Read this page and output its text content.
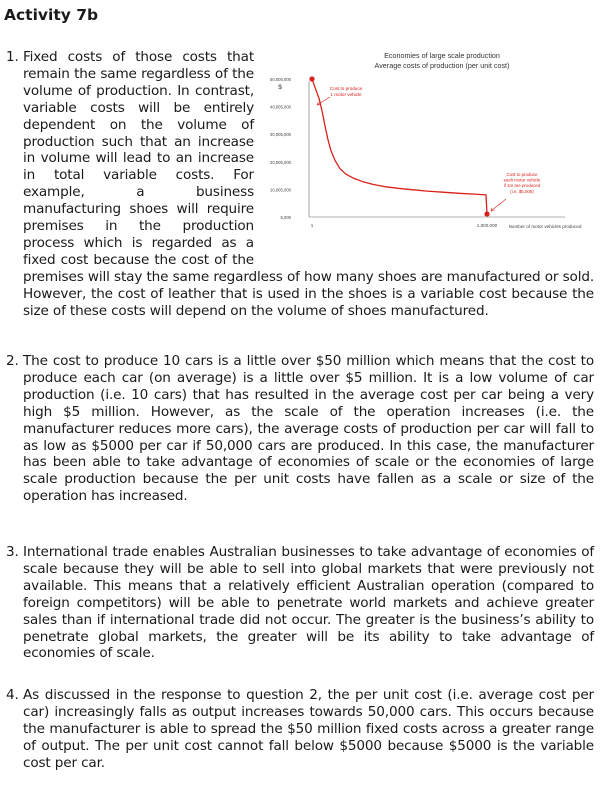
Activity 7b
Economies of large scale production
Average costs of production (per unit cost)
$
50,005,000
40,005,000
30,005,000
20,005,000
10,005,000
5,000
1	1,000,000 Number of motor vehicles produced
Cost to produce
1 motor vehicle
Cost to produce
each motor vehicle
if 1m are produced
(i.e. $5,005)
1. Fixed costs of those costs that remain the same regardless of the volume of production. In contrast, variable costs will be entirely dependent on the volume of production such that an increase in volume will lead to an increase in total variable costs. For example, a business manufacturing shoes will require premises in the production process which is regarded as a fixed cost because the cost of the premises will stay the same regardless of how many shoes are manufactured or sold. However, the cost of leather that is used in the shoes is a variable cost because the size of these costs will depend on the volume of shoes manufactured.
2. The cost to produce 10 cars is a little over $50 million which means that the cost to produce each car (on average) is a little over $5 million. It is a low volume of car production (i.e. 10 cars) that has resulted in the average cost per car being a very high $5 million. However, as the scale of the operation increases (i.e. the manufacturer reduces more cars), the average costs of production per car will fall to as low as $5000 per car if 50,000 cars are produced. In this case, the manufacturer has been able to take advantage of economies of scale or the economies of large scale production because the per unit costs have fallen as a scale or size of the operation has increased.
3. International trade enables Australian businesses to take advantage of economies of scale because they will be able to sell into global markets that were previously not available. This means that a relatively efficient Australian operation (compared to foreign competitors) will be able to penetrate world markets and achieve greater sales than if international trade did not occur. The greater is the business’s ability to penetrate global markets, the greater will be its ability to take advantage of economies of scale.
4. As discussed in the response to question 2, the per unit cost (i.e. average cost per car) increasingly falls as output increases towards 50,000 cars. This occurs because the manufacturer is able to spread the $50 million fixed costs across a greater range of output. The per unit cost cannot fall below $5000 because $5000 is the variable cost per car.
